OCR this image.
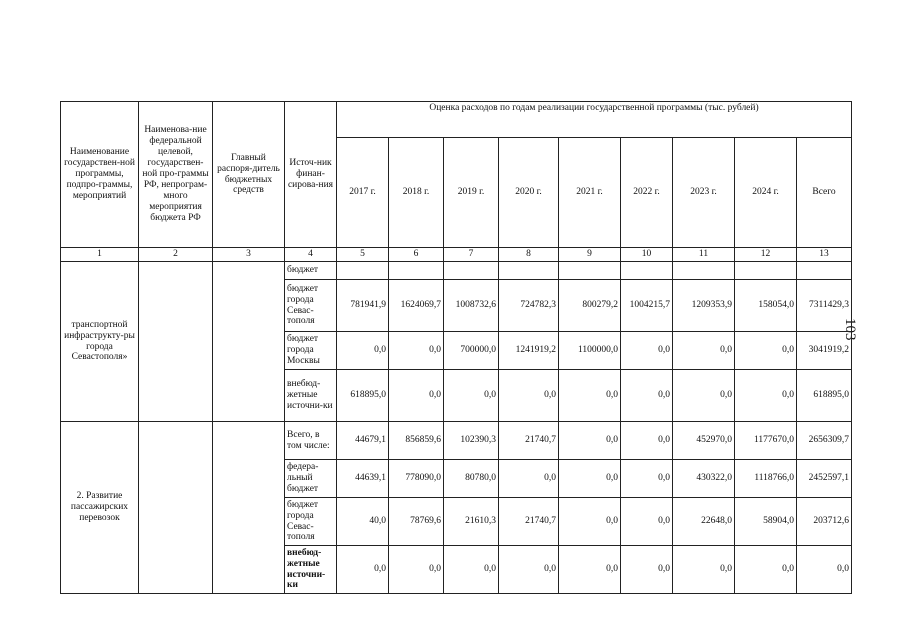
103
Наименование государствен-ной программы, подпро-граммы, мероприятий	Наименова-ние федеральной целевой, государствен-ной про-граммы РФ, непрограм-много мероприятия бюджета РФ	Главный распоря-дитель бюджетных средств	Источ-ник финан-сирова-ния	Оценка расходов по годам реализации государственной программы (тыс. рублей)								
				2017 г.	2018 г.	2019 г.	2020 г.	2021 г.	2022 г.	2023 г.	2024 г.	Всего
1	2	3	4	5	6	7	8	9	10	11	12	13
транспортной инфраструкту-ры города Севастополя»			бюджет									
			бюджет города Севас-тополя	781941,9	1624069,7	1008732,6	724782,3	800279,2	1004215,7	1209353,9	158054,0	7311429,3
			бюджет города Москвы	0,0	0,0	700000,0	1241919,2	1100000,0	0,0	0,0	0,0	3041919,2
			внебюд-жетные источни-ки	618895,0	0,0	0,0	0,0	0,0	0,0	0,0	0,0	618895,0
2. Развитие пассажирских перевозок			Всего, в том числе:	44679,1	856859,6	102390,3	21740,7	0,0	0,0	452970,0	1177670,0	2656309,7
			федера-льный бюджет	44639,1	778090,0	80780,0	0,0	0,0	0,0	430322,0	1118766,0	2452597,1
			бюджет города Севас-тополя	40,0	78769,6	21610,3	21740,7	0,0	0,0	22648,0	58904,0	203712,6
			внебюд-жетные источни-ки	0,0	0,0	0,0	0,0	0,0	0,0	0,0	0,0	0,0
